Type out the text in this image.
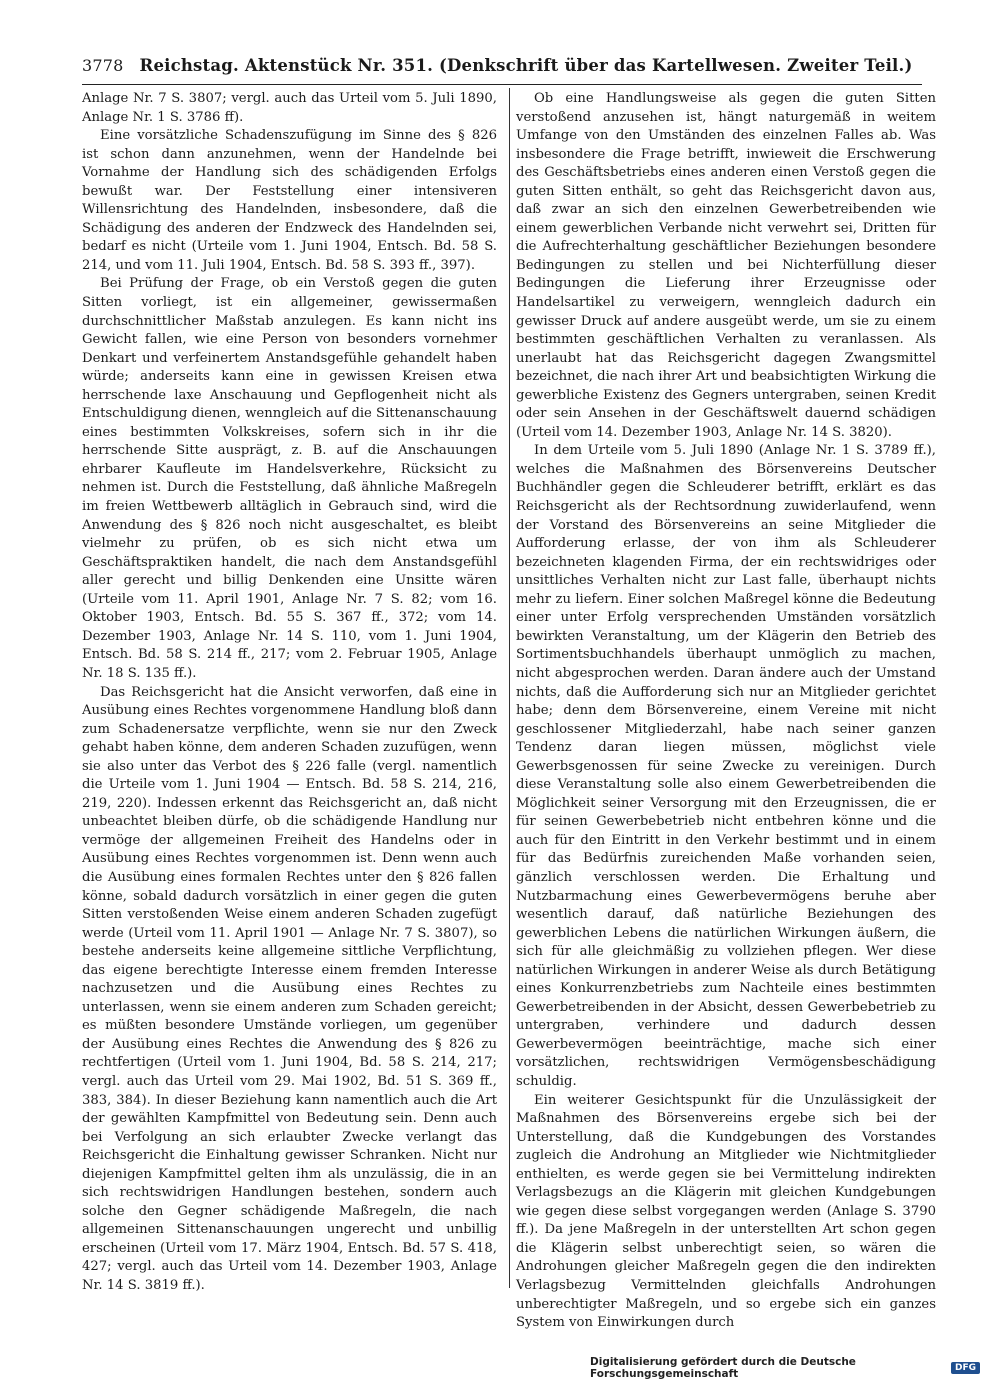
3778 Reichstag. Aktenstück Nr. 351. (Denkschrift über das Kartellwesen. Zweiter Teil.)

Anlage Nr. 7 S. 3807; vergl. auch das Urteil vom 5. Juli 1890, Anlage Nr. 1 S. 3786 ff).

Eine vorsätzliche Schadenszufügung im Sinne des § 826 ist schon dann anzunehmen, wenn der Handelnde bei Vornahme der Handlung sich des schädigenden Erfolgs bewußt war. Der Feststellung einer intensiveren Willensrichtung des Handelnden, insbesondere, daß die Schädigung des anderen der Endzweck des Handelnden sei, bedarf es nicht (Urteile vom 1. Juni 1904, Entsch. Bd. 58 S. 214, und vom 11. Juli 1904, Entsch. Bd. 58 S. 393 ff., 397).

Bei Prüfung der Frage, ob ein Verstoß gegen die guten Sitten vorliegt, ist ein allgemeiner, gewissermaßen durchschnittlicher Maßstab anzulegen. Es kann nicht ins Gewicht fallen, wie eine Person von besonders vornehmer Denkart und verfeinertem Anstandsgefühle gehandelt haben würde; anderseits kann eine in gewissen Kreisen etwa herrschende laxe Anschauung und Gepflogenheit nicht als Entschuldigung dienen, wenngleich auf die Sittenanschauung eines bestimmten Volkskreises, sofern sich in ihr die herrschende Sitte ausprägt, z. B. auf die Anschauungen ehrbarer Kaufleute im Handelsverkehre, Rücksicht zu nehmen ist. Durch die Feststellung, daß ähnliche Maßregeln im freien Wettbewerb alltäglich in Gebrauch sind, wird die Anwendung des § 826 noch nicht ausgeschaltet, es bleibt vielmehr zu prüfen, ob es sich nicht etwa um Geschäftspraktiken handelt, die nach dem Anstandsgefühl aller gerecht und billig Denkenden eine Unsitte wären (Urteile vom 11. April 1901, Anlage Nr. 7 S. 82; vom 16. Oktober 1903, Entsch. Bd. 55 S. 367 ff., 372; vom 14. Dezember 1903, Anlage Nr. 14 S. 110, vom 1. Juni 1904, Entsch. Bd. 58 S. 214 ff., 217; vom 2. Februar 1905, Anlage Nr. 18 S. 135 ff.).

Das Reichsgericht hat die Ansicht verworfen, daß eine in Ausübung eines Rechtes vorgenommene Handlung bloß dann zum Schadenersatze verpflichte, wenn sie nur den Zweck gehabt haben könne, dem anderen Schaden zuzufügen, wenn sie also unter das Verbot des § 226 falle (vergl. namentlich die Urteile vom 1. Juni 1904 — Entsch. Bd. 58 S. 214, 216, 219, 220). Indessen erkennt das Reichsgericht an, daß nicht unbeachtet bleiben dürfe, ob die schädigende Handlung nur vermöge der allgemeinen Freiheit des Handelns oder in Ausübung eines Rechtes vorgenommen ist. Denn wenn auch die Ausübung eines formalen Rechtes unter den § 826 fallen könne, sobald dadurch vorsätzlich in einer gegen die guten Sitten verstoßenden Weise einem anderen Schaden zugefügt werde (Urteil vom 11. April 1901 — Anlage Nr. 7 S. 3807), so bestehe anderseits keine allgemeine sittliche Verpflichtung, das eigene berechtigte Interesse einem fremden Interesse nachzusetzen und die Ausübung eines Rechtes zu unterlassen, wenn sie einem anderen zum Schaden gereicht; es müßten besondere Umstände vorliegen, um gegenüber der Ausübung eines Rechtes die Anwendung des § 826 zu rechtfertigen (Urteil vom 1. Juni 1904, Bd. 58 S. 214, 217; vergl. auch das Urteil vom 29. Mai 1902, Bd. 51 S. 369 ff., 383, 384). In dieser Beziehung kann namentlich auch die Art der gewählten Kampfmittel von Bedeutung sein. Denn auch bei Verfolgung an sich erlaubter Zwecke verlangt das Reichsgericht die Einhaltung gewisser Schranken. Nicht nur diejenigen Kampfmittel gelten ihm als unzulässig, die in an sich rechtswidrigen Handlungen bestehen, sondern auch solche den Gegner schädigende Maßregeln, die nach allgemeinen Sittenanschauungen ungerecht und unbillig erscheinen (Urteil vom 17. März 1904, Entsch. Bd. 57 S. 418, 427; vergl. auch das Urteil vom 14. Dezember 1903, Anlage Nr. 14 S. 3819 ff.).

Ob eine Handlungsweise als gegen die guten Sitten verstoßend anzusehen ist, hängt naturgemäß in weitem Umfange von den Umständen des einzelnen Falles ab. Was insbesondere die Frage betrifft, inwieweit die Erschwerung des Geschäftsbetriebs eines anderen einen Verstoß gegen die guten Sitten enthält, so geht das Reichsgericht davon aus, daß zwar an sich den einzelnen Gewerbetreibenden wie einem gewerblichen Verbande nicht verwehrt sei, Dritten für die Aufrechterhaltung geschäftlicher Beziehungen besondere Bedingungen zu stellen und bei Nichterfüllung dieser Bedingungen die Lieferung ihrer Erzeugnisse oder Handelsartikel zu verweigern, wenngleich dadurch ein gewisser Druck auf andere ausgeübt werde, um sie zu einem bestimmten geschäftlichen Verhalten zu veranlassen. Als unerlaubt hat das Reichsgericht dagegen Zwangsmittel bezeichnet, die nach ihrer Art und beabsichtigten Wirkung die gewerbliche Existenz des Gegners untergraben, seinen Kredit oder sein Ansehen in der Geschäftswelt dauernd schädigen (Urteil vom 14. Dezember 1903, Anlage Nr. 14 S. 3820).

In dem Urteile vom 5. Juli 1890 (Anlage Nr. 1 S. 3789 ff.), welches die Maßnahmen des Börsenvereins Deutscher Buchhändler gegen die Schleuderer betrifft, erklärt es das Reichsgericht als der Rechtsordnung zuwiderlaufend, wenn der Vorstand des Börsenvereins an seine Mitglieder die Aufforderung erlasse, der von ihm als Schleuderer bezeichneten klagenden Firma, der ein rechtswidriges oder unsittliches Verhalten nicht zur Last falle, überhaupt nichts mehr zu liefern. Einer solchen Maßregel könne die Bedeutung einer unter Erfolg versprechenden Umständen vorsätzlich bewirkten Veranstaltung, um der Klägerin den Betrieb des Sortimentsbuchhandels überhaupt unmöglich zu machen, nicht abgesprochen werden. Daran ändere auch der Umstand nichts, daß die Aufforderung sich nur an Mitglieder gerichtet habe; denn dem Börsenvereine, einem Vereine mit nicht geschlossener Mitgliederzahl, habe nach seiner ganzen Tendenz daran liegen müssen, möglichst viele Gewerbsgenossen für seine Zwecke zu vereinigen. Durch diese Veranstaltung solle also einem Gewerbetreibenden die Möglichkeit seiner Versorgung mit den Erzeugnissen, die er für seinen Gewerbebetrieb nicht entbehren könne und die auch für den Eintritt in den Verkehr bestimmt und in einem für das Bedürfnis zureichenden Maße vorhanden seien, gänzlich verschlossen werden. Die Erhaltung und Nutzbarmachung eines Gewerbevermögens beruhe aber wesentlich darauf, daß natürliche Beziehungen des gewerblichen Lebens die natürlichen Wirkungen äußern, die sich für alle gleichmäßig zu vollziehen pflegen. Wer diese natürlichen Wirkungen in anderer Weise als durch Betätigung eines Konkurrenzbetriebs zum Nachteile eines bestimmten Gewerbetreibenden in der Absicht, dessen Gewerbebetrieb zu untergraben, verhindere und dadurch dessen Gewerbevermögen beeinträchtige, mache sich einer vorsätzlichen, rechtswidrigen Vermögensbeschädigung schuldig.

Ein weiterer Gesichtspunkt für die Unzulässigkeit der Maßnahmen des Börsenvereins ergebe sich bei der Unterstellung, daß die Kundgebungen des Vorstandes zugleich die Androhung an Mitglieder wie Nichtmitglieder enthielten, es werde gegen sie bei Vermittelung indirekten Verlagsbezugs an die Klägerin mit gleichen Kundgebungen wie gegen diese selbst vorgegangen werden (Anlage S. 3790 ff.). Da jene Maßregeln in der unterstellten Art schon gegen die Klägerin selbst unberechtigt seien, so wären die Androhungen gleicher Maßregeln gegen die den indirekten Verlagsbezug Vermittelnden gleichfalls Androhungen unberechtigter Maßregeln, und so ergebe sich ein ganzes System von Einwirkungen durch

Digitalisierung gefördert durch die Deutsche Forschungsgemeinschaft	DFG
